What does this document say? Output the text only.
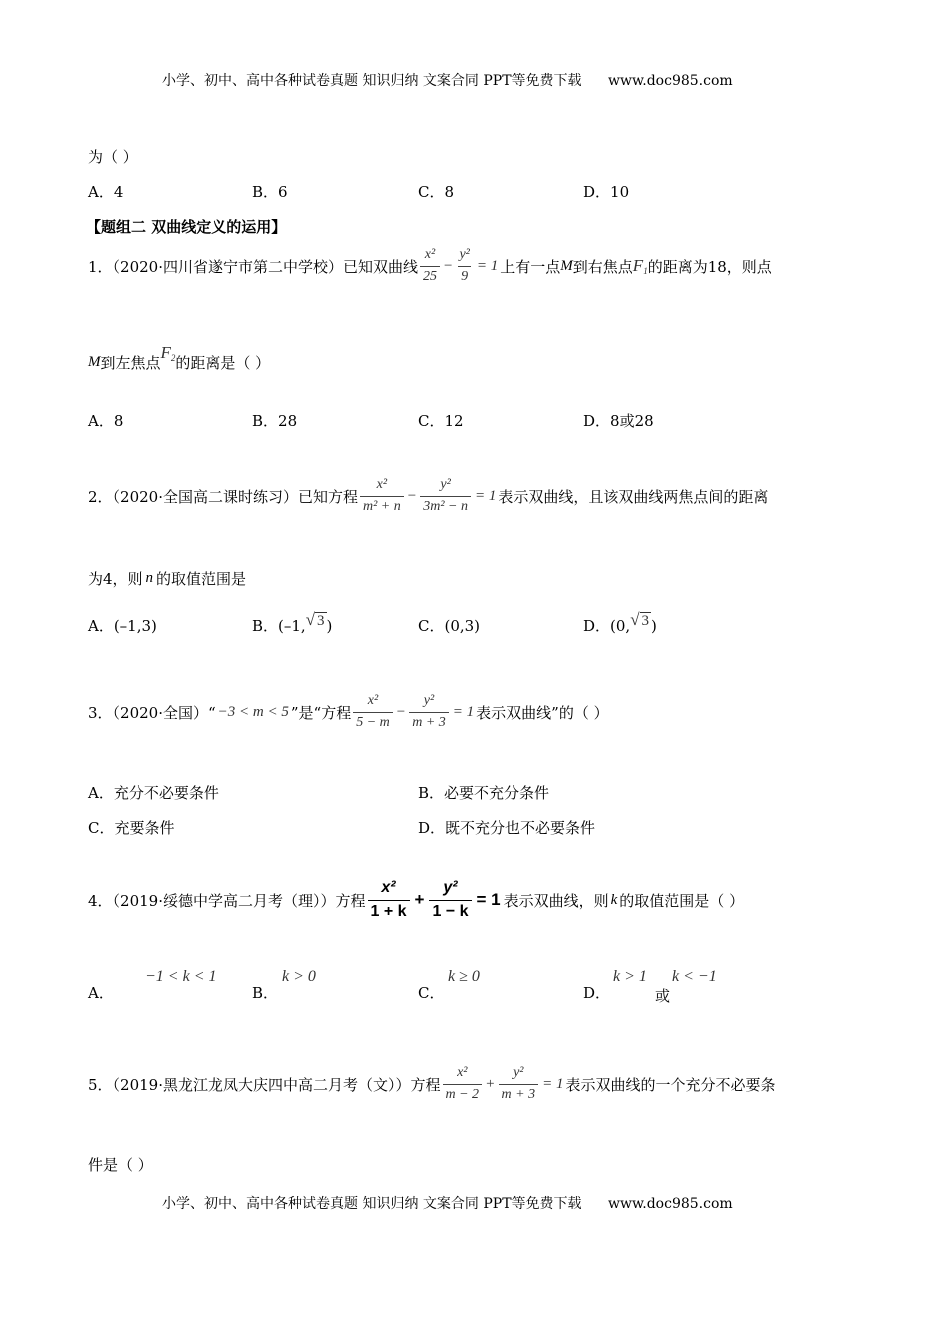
小学、初中、高中各种试卷真题 知识归纳 文案合同 PPT等免费下载 www.doc985.com
为（ ）
A．4	B．6	C．8	D．10
【题组二 双曲线定义的运用】
1．（2020·四川省遂宁市第二中学校）已知双曲线 $\frac{\text{x²}}{25} - \frac{\text{y²}}{9} = 1$ 上有一点 M 到右焦点 $F_1$ 的距离为18，则点
M 到左焦点
$F_2$ 的距离是（ ）
A．8	B．28	C．12	D．8或28
2．（2020·全国高二课时练习）已知方程 $\frac{\text{x²}}{\text{m² + n}} - \frac{\text{y²}}{\text{3m² − n}} = 1$ 表示双曲线，且该双曲线两焦点间的距离
为4，则 n 的取值范围是
A．(–1,3)	B．(–1, √ 3 )	C．(0,3)	D．(0, √ 3 )
3．（2020·全国）“ −3 < m < 5 ”是“方程 $\frac{\text{x²}}{5 - m} - \frac{\text{y²}}{m + 3} = 1$ 表示双曲线”的（ ）
A．充分不必要条件	B．必要不充分条件
C．充要条件	D．既不充分也不必要条件
4．（2019·绥德中学高二月考（理））方程 $\frac{\text{x²}}{1 + k} + \frac{\text{y²}}{1 - k} = 1$ 表示双曲线，则 k 的取值范围是（ ）
A．
−1 < k < 1
B．
k > 0
C．
k ≥ 0
D．
k > 1
或
k < −1
5．（2019·黑龙江龙凤大庆四中高二月考（文））方程 $\frac{\text{x²}}{m - 2} + \frac{\text{y²}}{m + 3} = 1$ 表示双曲线的一个充分不必要条
件是（ ）
小学、初中、高中各种试卷真题 知识归纳 文案合同 PPT等免费下载 www.doc985.com
